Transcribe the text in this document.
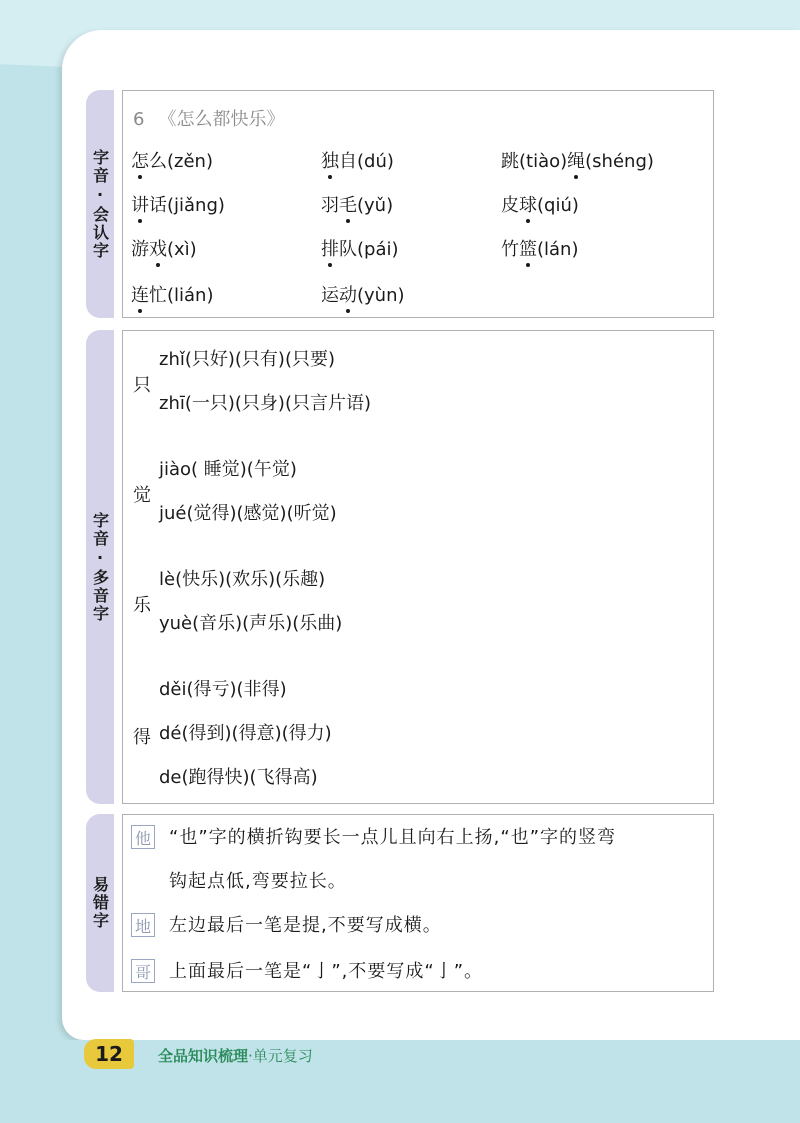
字音·会认字
6 《怎么都快乐》
怎么(zěn)	独自(dú)	跳(tiào)绳(shéng)
讲话(jiǎng)	羽毛(yǔ)	皮球(qiú)
游戏(xì)	排队(pái)	竹篮(lán)
连忙(lián)	运动(yùn)
字音·多音字
只
zhǐ(只好)(只有)(只要)
zhī(一只)(只身)(只言片语)
觉
jiào( 睡觉)(午觉)
jué(觉得)(感觉)(听觉)
乐
lè(快乐)(欢乐)(乐趣)
yuè(音乐)(声乐)(乐曲)
得
děi(得亏)(非得)
dé(得到)(得意)(得力)
de(跑得快)(飞得高)
易错字
他 “也”字的横折钩要长一点儿且向右上扬,“也”字的竖弯
钩起点低,弯要拉长。
地 左边最后一笔是提,不要写成横。
哥 上面最后一笔是“亅”,不要写成“亅”。
12	全品知识梳理·单元复习
